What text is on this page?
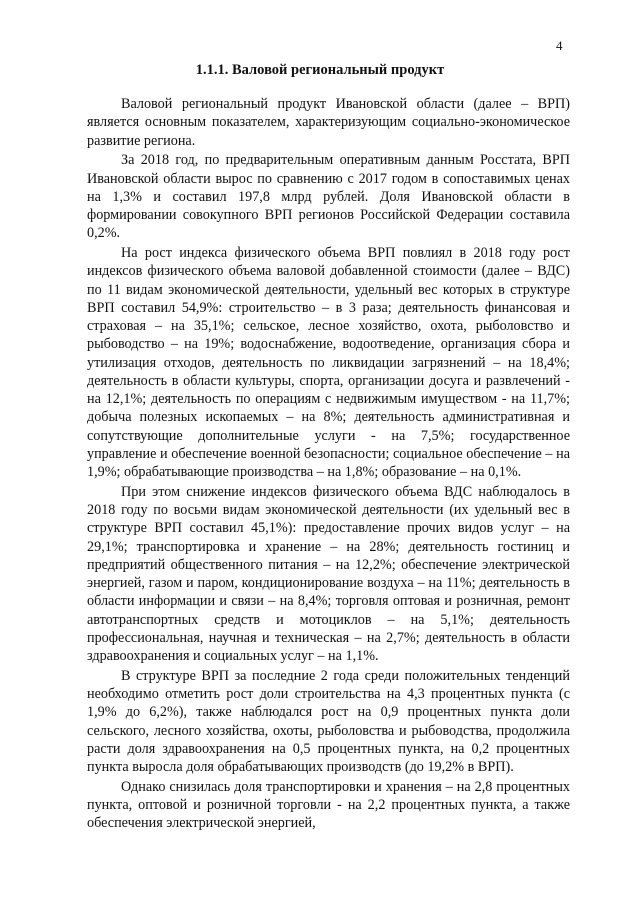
4
1.1.1. Валовой региональный продукт

Валовой региональный продукт Ивановской области (далее – ВРП) является основным показателем, характеризующим социально-экономическое развитие региона.

За 2018 год, по предварительным оперативным данным Росстата, ВРП Ивановской области вырос по сравнению с 2017 годом в сопоставимых ценах на 1,3% и составил 197,8 млрд рублей. Доля Ивановской области в формировании совокупного ВРП регионов Российской Федерации составила 0,2%.

На рост индекса физического объема ВРП повлиял в 2018 году рост индексов физического объема валовой добавленной стоимости (далее – ВДС) по 11 видам экономической деятельности, удельный вес которых в структуре ВРП составил 54,9%: строительство – в 3 раза; деятельность финансовая и страховая – на 35,1%; сельское, лесное хозяйство, охота, рыболовство и рыбоводство – на 19%; водоснабжение, водоотведение, организация сбора и утилизация отходов, деятельность по ликвидации загрязнений – на 18,4%; деятельность в области культуры, спорта, организации досуга и развлечений - на 12,1%; деятельность по операциям с недвижимым имуществом - на 11,7%; добыча полезных ископаемых – на 8%; деятельность административная и сопутствующие дополнительные услуги - на 7,5%; государственное управление и обеспечение военной безопасности; социальное обеспечение – на 1,9%; обрабатывающие производства – на 1,8%; образование – на 0,1%.

При этом снижение индексов физического объема ВДС наблюдалось в 2018 году по восьми видам экономической деятельности (их удельный вес в структуре ВРП составил 45,1%): предоставление прочих видов услуг – на 29,1%; транспортировка и хранение – на 28%; деятельность гостиниц и предприятий общественного питания – на 12,2%; обеспечение электрической энергией, газом и паром, кондиционирование воздуха – на 11%; деятельность в области информации и связи – на 8,4%; торговля оптовая и розничная, ремонт автотранспортных средств и мотоциклов – на 5,1%; деятельность профессиональная, научная и техническая – на 2,7%; деятельность в области здравоохранения и социальных услуг – на 1,1%.

В структуре ВРП за последние 2 года среди положительных тенденций необходимо отметить рост доли строительства на 4,3 процентных пункта (с 1,9% до 6,2%), также наблюдался рост на 0,9 процентных пункта доли сельского, лесного хозяйства, охоты, рыболовства и рыбоводства, продолжила расти доля здравоохранения на 0,5 процентных пункта, на 0,2 процентных пункта выросла доля обрабатывающих производств (до 19,2% в ВРП).

Однако снизилась доля транспортировки и хранения – на 2,8 процентных пункта, оптовой и розничной торговли - на 2,2 процентных пункта, а также обеспечения электрической энергией,
